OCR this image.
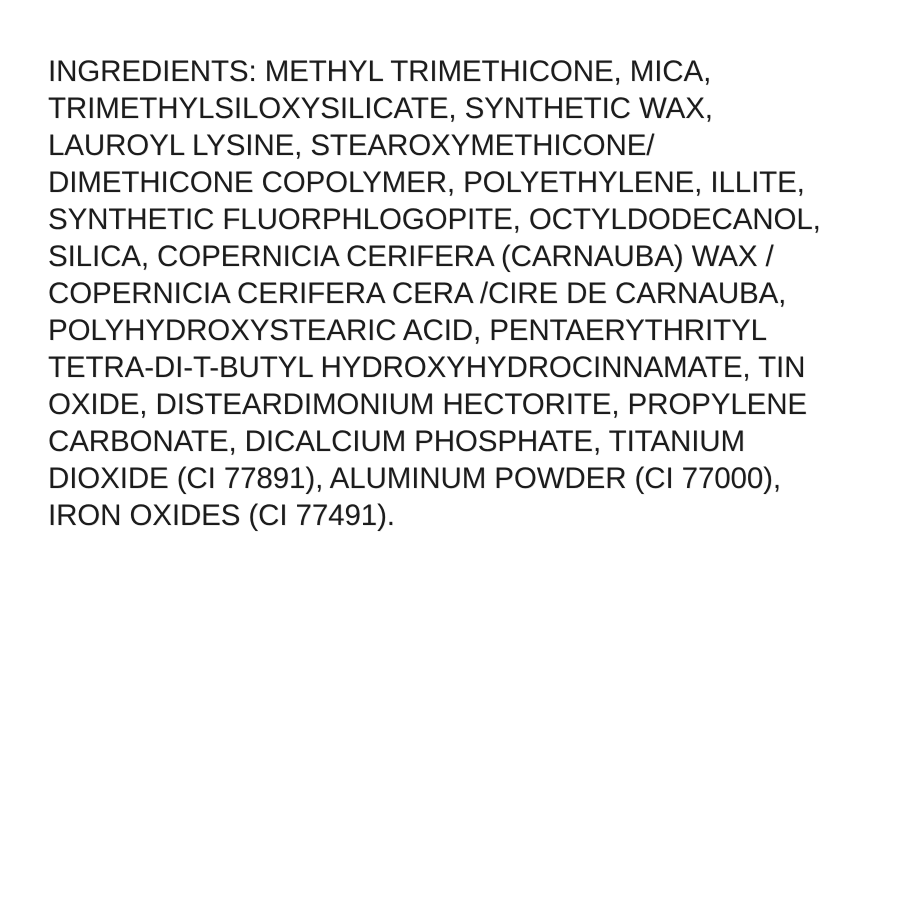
INGREDIENTS: METHYL TRIMETHICONE, MICA,
TRIMETHYLSILOXYSILICATE, SYNTHETIC WAX,
LAUROYL LYSINE, STEAROXYMETHICONE/
DIMETHICONE COPOLYMER, POLYETHYLENE, ILLITE,
SYNTHETIC FLUORPHLOGOPITE, OCTYLDODECANOL,
SILICA, COPERNICIA CERIFERA (CARNAUBA) WAX /
COPERNICIA CERIFERA CERA /CIRE DE CARNAUBA,
POLYHYDROXYSTEARIC ACID, PENTAERYTHRITYL
TETRA-DI-T-BUTYL HYDROXYHYDROCINNAMATE, TIN
OXIDE, DISTEARDIMONIUM HECTORITE, PROPYLENE
CARBONATE, DICALCIUM PHOSPHATE, TITANIUM
DIOXIDE (CI 77891), ALUMINUM POWDER (CI 77000),
IRON OXIDES (CI 77491).
